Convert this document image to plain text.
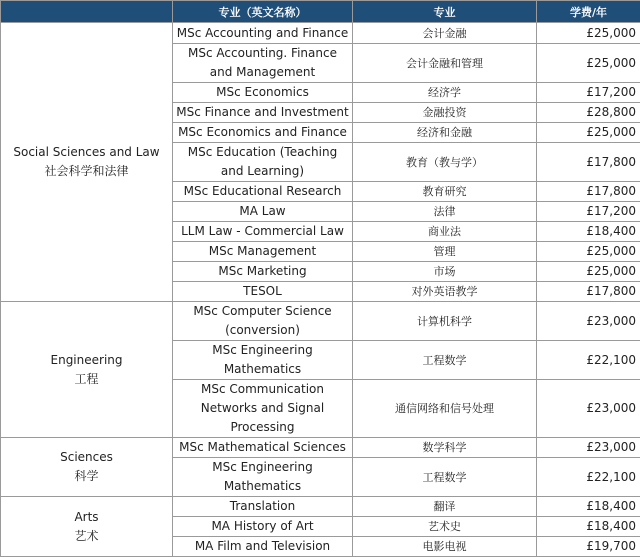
	专业（英文名称）	专业	学费/年

Social Sciences and Law
社会科学和法律	MSc Accounting and Finance	会计金融	£25,000
	MSc Accounting. Finance and Management	会计金融和管理	£25,000
	MSc Economics	经济学	£17,200
	MSc Finance and Investment	金融投资	£28,800
	MSc Economics and Finance	经济和金融	£25,000
	MSc Education (Teaching and Learning)	教育（教与学）	£17,800
	MSc Educational Research	教育研究	£17,800
	MA Law	法律	£17,200
	LLM Law - Commercial Law	商业法	£18,400
	MSc Management	管理	£25,000
	MSc Marketing	市场	£25,000
	TESOL	对外英语教学	£17,800

Engineering
工程	MSc Computer Science (conversion)	计算机科学	£23,000
	MSc Engineering Mathematics	工程数学	£22,100
	MSc Communication Networks and Signal Processing	通信网络和信号处理	£23,000

Sciences
科学	MSc Mathematical Sciences	数学科学	£23,000
	MSc Engineering Mathematics	工程数学	£22,100

Arts
艺术	Translation	翻译	£18,400
	MA History of Art	艺术史	£18,400
	MA Film and Television	电影电视	£19,700
